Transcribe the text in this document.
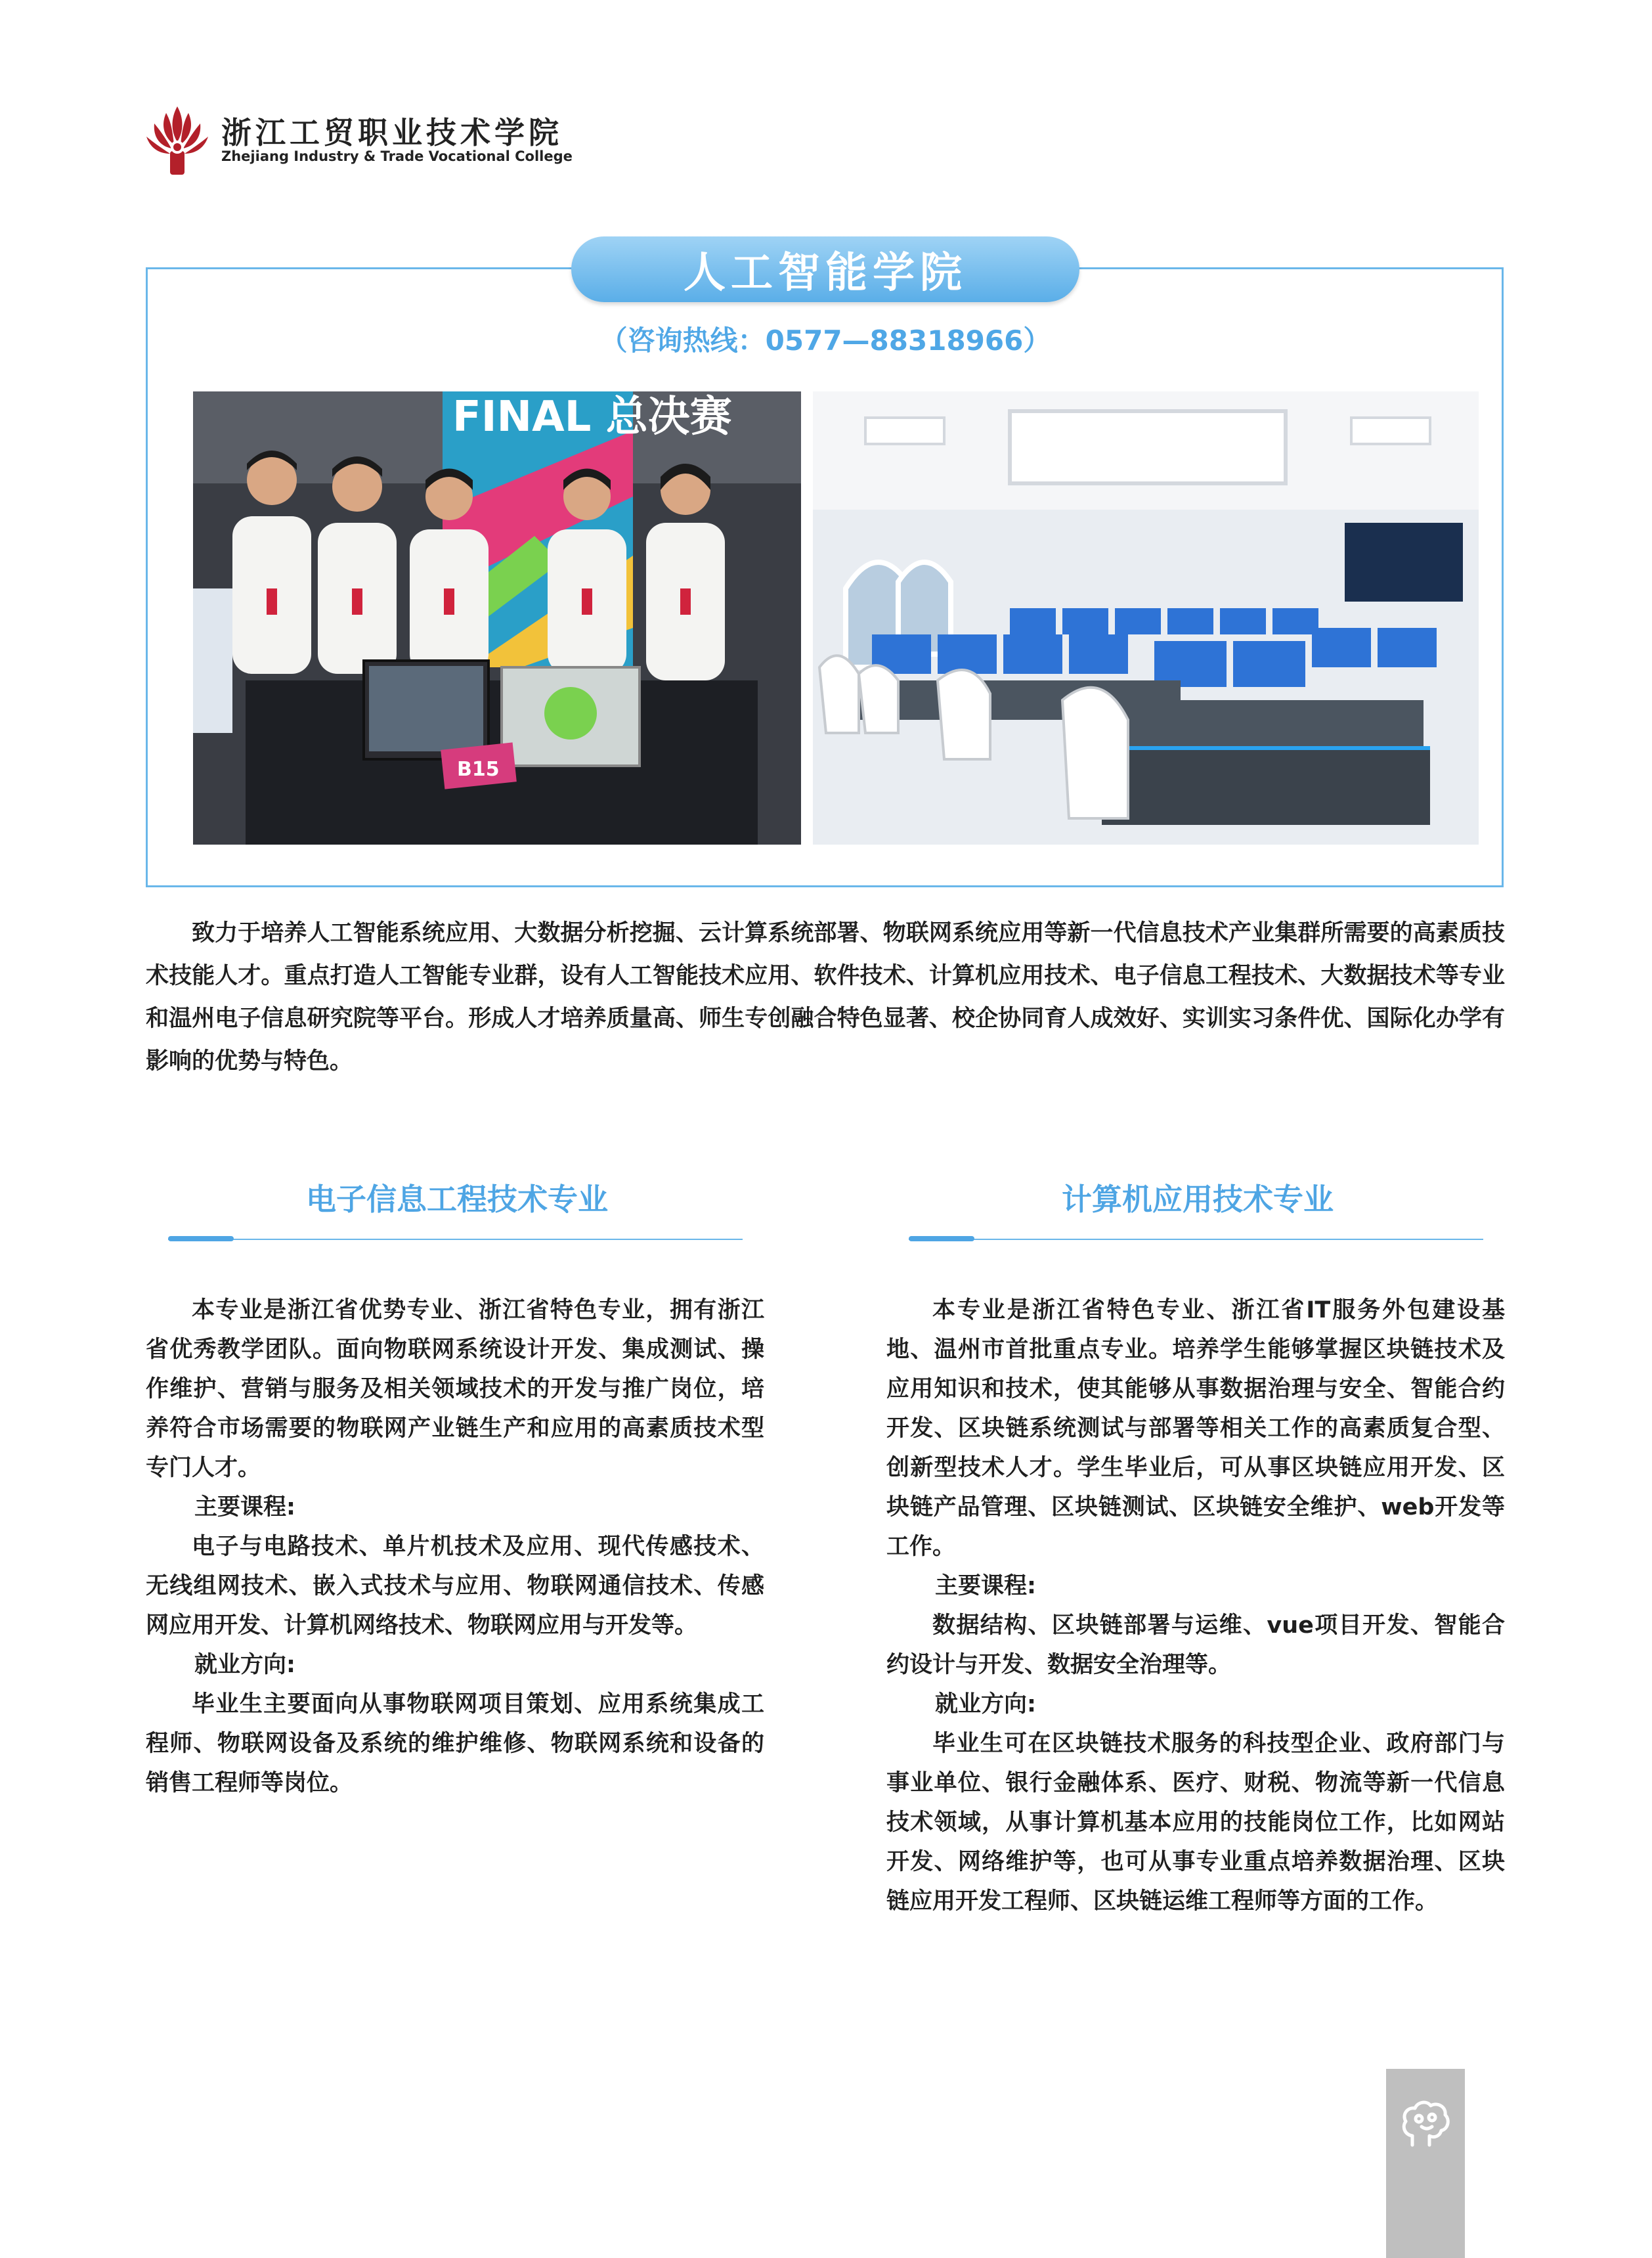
浙江工贸职业技术学院
Zhejiang Industry & Trade Vocational College
人工智能学院
（咨询热线：0577—88318966）
FINAL 总决赛
B15
致力于培养人工智能系统应用、大数据分析挖掘、云计算系统部署、物联网系统应用等新一代信息技术产业集群所需要的高素质技术技能人才。重点打造人工智能专业群，设有人工智能技术应用、软件技术、计算机应用技术、电子信息工程技术、大数据技术等专业和温州电子信息研究院等平台。形成人才培养质量高、师生专创融合特色显著、校企协同育人成效好、实训实习条件优、国际化办学有影响的优势与特色。
电子信息工程技术专业

本专业是浙江省优势专业、浙江省特色专业，拥有浙江省优秀教学团队。面向物联网系统设计开发、集成测试、操作维护、营销与服务及相关领域技术的开发与推广岗位，培养符合市场需要的物联网产业链生产和应用的高素质技术型专门人才。

主要课程:

电子与电路技术、单片机技术及应用、现代传感技术、无线组网技术、嵌入式技术与应用、物联网通信技术、传感网应用开发、计算机网络技术、物联网应用与开发等。

就业方向:

毕业生主要面向从事物联网项目策划、应用系统集成工程师、物联网设备及系统的维护维修、物联网系统和设备的销售工程师等岗位。

计算机应用技术专业

本专业是浙江省特色专业、浙江省IT服务外包建设基地、温州市首批重点专业。培养学生能够掌握区块链技术及应用知识和技术，使其能够从事数据治理与安全、智能合约开发、区块链系统测试与部署等相关工作的高素质复合型、创新型技术人才。学生毕业后，可从事区块链应用开发、区块链产品管理、区块链测试、区块链安全维护、web开发等工作。

主要课程:

数据结构、区块链部署与运维、vue项目开发、智能合约设计与开发、数据安全治理等。

就业方向:

毕业生可在区块链技术服务的科技型企业、政府部门与事业单位、银行金融体系、医疗、财税、物流等新一代信息技术领域，从事计算机基本应用的技能岗位工作，比如网站开发、网络维护等，也可从事专业重点培养数据治理、区块链应用开发工程师、区块链运维工程师等方面的工作。
